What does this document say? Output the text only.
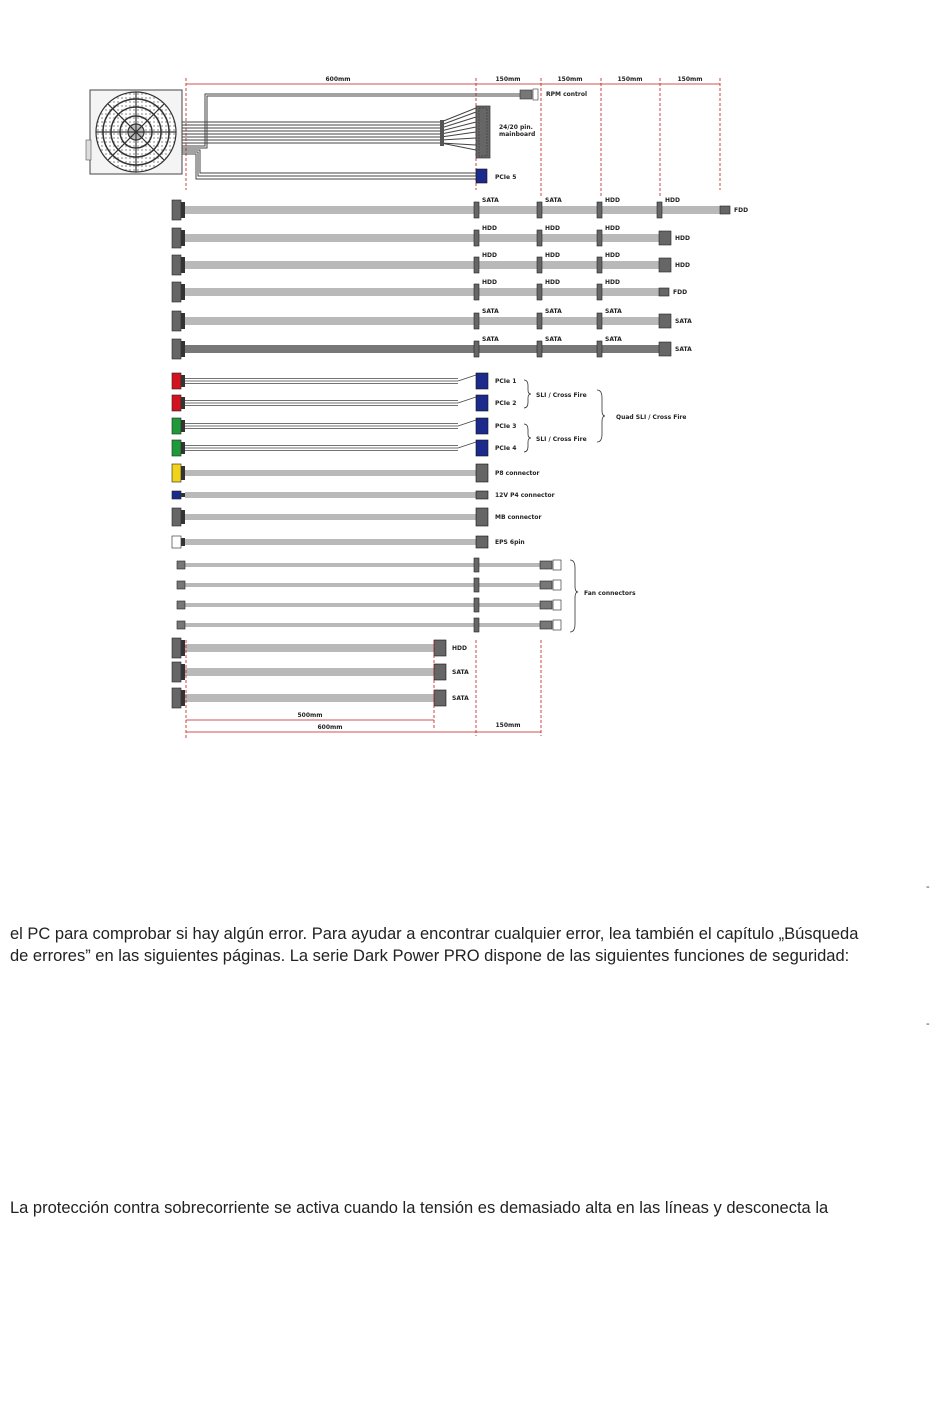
600mm	150mm	150mm	150mm	150mm
RPM control
24/20 pin.
mainboard
PCIe 5
SATA	SATA	HDD	HDD
FDD
HDD	HDD	HDD
HDD
HDD	HDD	HDD
HDD
HDD	HDD	HDD
FDD
SATA	SATA	SATA
SATA
SATA	SATA	SATA
SATA
PCIe 1
PCIe 2
PCIe 3
PCIe 4
P8 connector
12V P4 connector
MB connector
EPS 6pin
HDD
SATA
SATA
SLI / Cross Fire
SLI / Cross Fire
Quad SLI / Cross Fire
Fan connectors
500mm
600mm	150mm
-

el PC para comprobar si hay algún error. Para ayudar a encontrar cualquier error, lea también el capítulo „Búsqueda

de errores” en las siguientes páginas. La serie Dark Power PRO dispone de las siguientes funciones de seguridad:

-

La protección contra sobrecorriente se activa cuando la tensión es demasiado alta en las líneas y desconecta la
